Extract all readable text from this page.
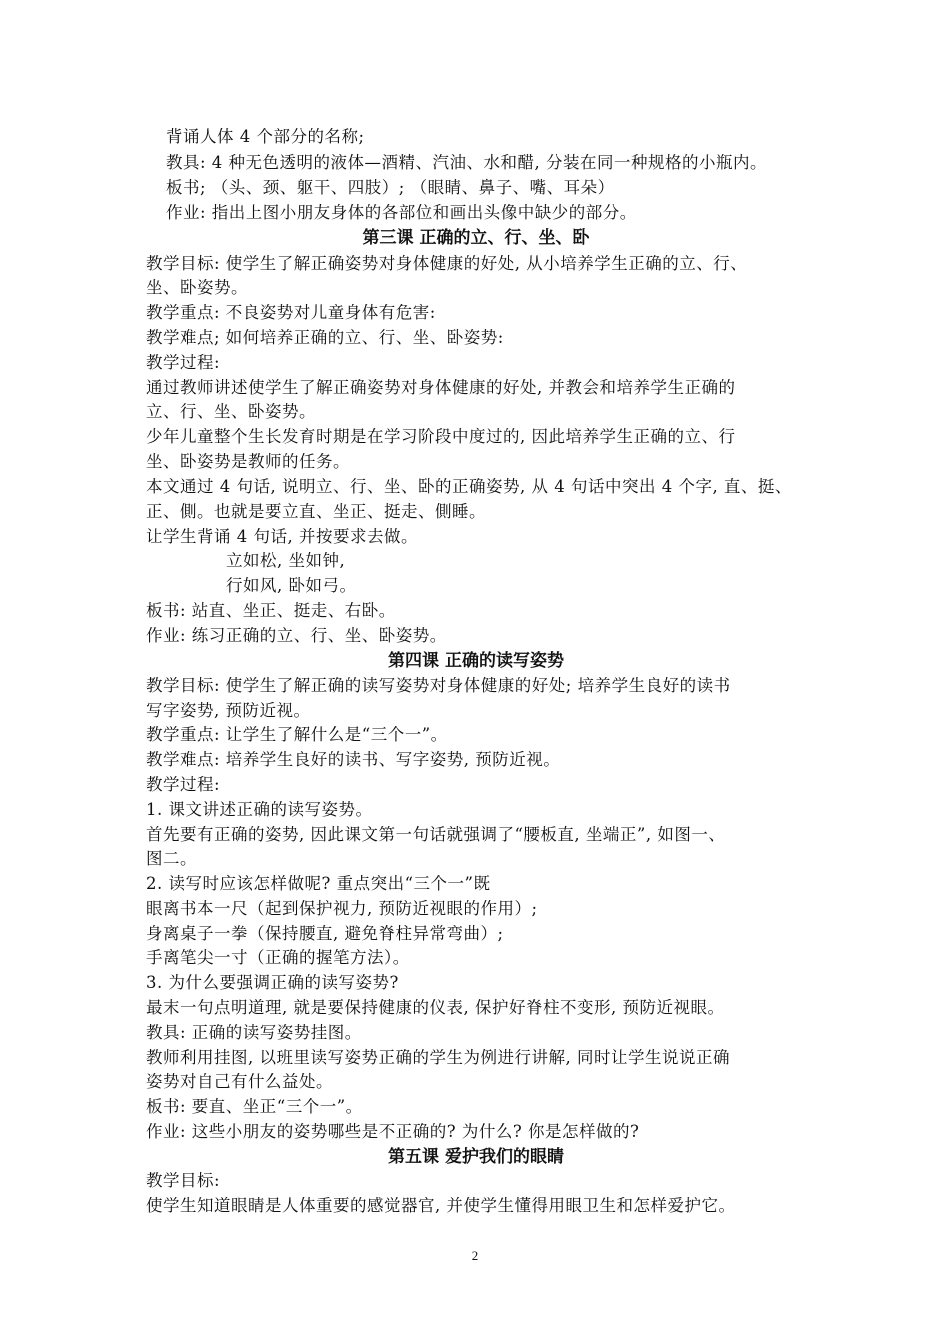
背诵人体 4 个部分的名称;
教具: 4 种无色透明的液体—酒精、汽油、水和醋, 分装在同一种规格的小瓶内。
板书; （头、颈、躯干、四肢）; （眼睛、鼻子、嘴、耳朵）
作业: 指出上图小朋友身体的各部位和画出头像中缺少的部分。
第三课 正确的立、行、坐、卧
教学目标: 使学生了解正确姿势对身体健康的好处, 从小培养学生正确的立、行、
坐、卧姿势。
教学重点: 不良姿势对儿童身体有危害:
教学难点; 如何培养正确的立、行、坐、卧姿势:
教学过程:
通过教师讲述使学生了解正确姿势对身体健康的好处, 并教会和培养学生正确的
立、行、坐、卧姿势。
少年儿童整个生长发育时期是在学习阶段中度过的, 因此培养学生正确的立、行
坐、卧姿势是教师的任务。
本文通过 4 句话, 说明立、行、坐、卧的正确姿势, 从 4 句话中突出 4 个字, 直、挺、
正、側。也就是要立直、坐正、挺走、側睡。
让学生背诵 4 句话, 并按要求去做。
立如松, 坐如钟,
行如风, 卧如弓。
板书: 站直、坐正、挺走、右卧。
作业: 练习正确的立、行、坐、卧姿势。
第四课 正确的读写姿势
教学目标: 使学生了解正确的读写姿势对身体健康的好处; 培养学生良好的读书
写字姿势, 预防近视。
教学重点: 让学生了解什么是“三个一”。
教学难点: 培养学生良好的读书、写字姿势, 预防近视。
教学过程:
1. 课文讲述正确的读写姿势。
首先要有正确的姿势, 因此课文第一句话就强调了“腰板直, 坐端正”, 如图一、
图二。
2. 读写时应该怎样做呢? 重点突出“三个一”既
眼离书本一尺（起到保护视力, 预防近视眼的作用）;
身离桌子一拳（保持腰直, 避免脊柱异常弯曲）;
手离笔尖一寸（正确的握笔方法）。
3. 为什么要强调正确的读写姿势?
最末一句点明道理, 就是要保持健康的仪表, 保护好脊柱不变形, 预防近视眼。
教具: 正确的读写姿势挂图。
教师利用挂图, 以班里读写姿势正确的学生为例进行讲解, 同时让学生说说正确
姿势对自己有什么益处。
板书: 要直、坐正“三个一”。
作业: 这些小朋友的姿势哪些是不正确的? 为什么? 你是怎样做的?
第五课 爱护我们的眼睛
教学目标:
使学生知道眼睛是人体重要的感觉器官, 并使学生懂得用眼卫生和怎样爱护它。
2
